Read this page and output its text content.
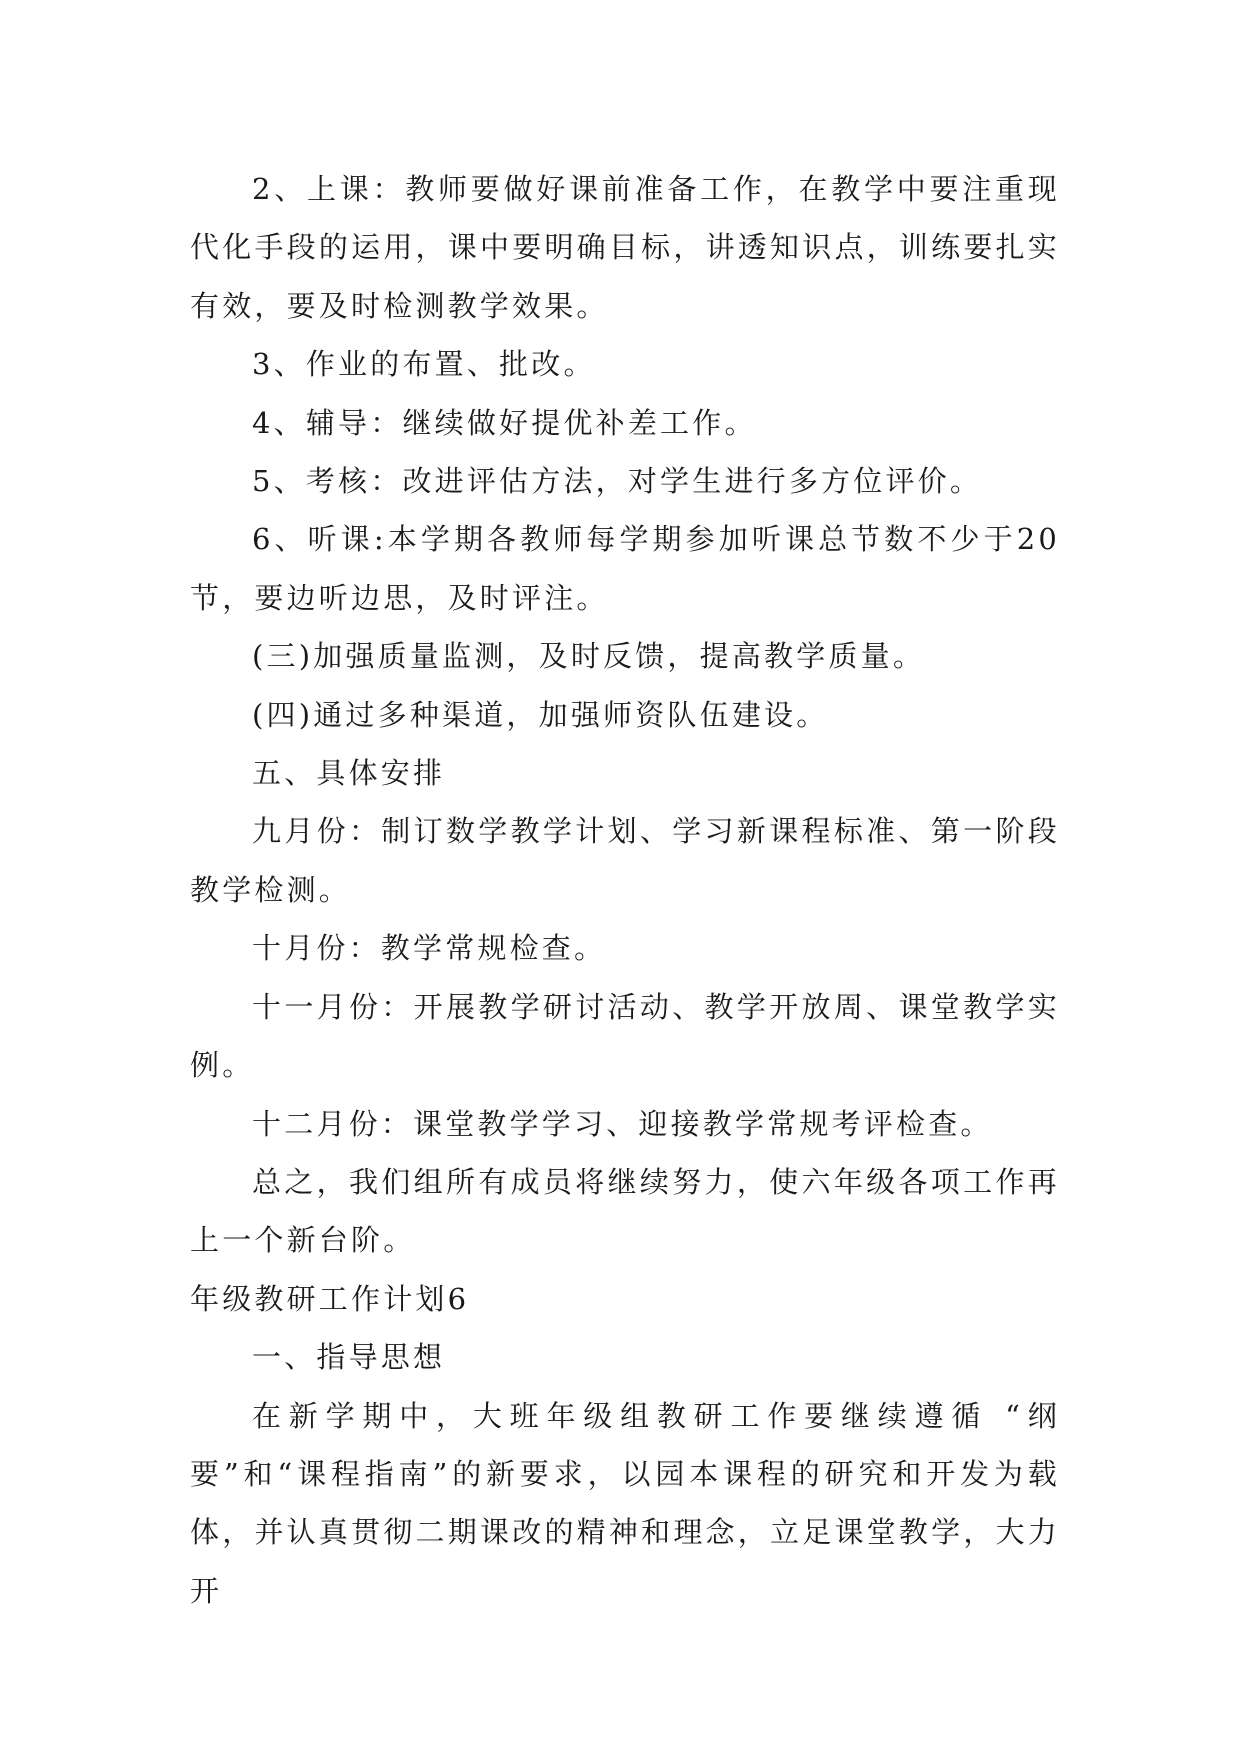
2、上课：教师要做好课前准备工作，在教学中要注重现代化手段的运用，课中要明确目标，讲透知识点，训练要扎实有效，要及时检测教学效果。

3、作业的布置、批改。

4、辅导：继续做好提优补差工作。

5、考核：改进评估方法，对学生进行多方位评价。

6、听课:本学期各教师每学期参加听课总节数不少于20节，要边听边思，及时评注。

(三)加强质量监测，及时反馈，提高教学质量。

(四)通过多种渠道，加强师资队伍建设。

五、具体安排

九月份：制订数学教学计划、学习新课程标准、第一阶段教学检测。

十月份：教学常规检查。

十一月份：开展教学研讨活动、教学开放周、课堂教学实例。

十二月份：课堂教学学习、迎接教学常规考评检查。

总之，我们组所有成员将继续努力，使六年级各项工作再上一个新台阶。

年级教研工作计划6

一、指导思想

在新学期中，大班年级组教研工作要继续遵循 “纲要”和“课程指南”的新要求，以园本课程的研究和开发为载体，并认真贯彻二期课改的精神和理念，立足课堂教学，大力开
